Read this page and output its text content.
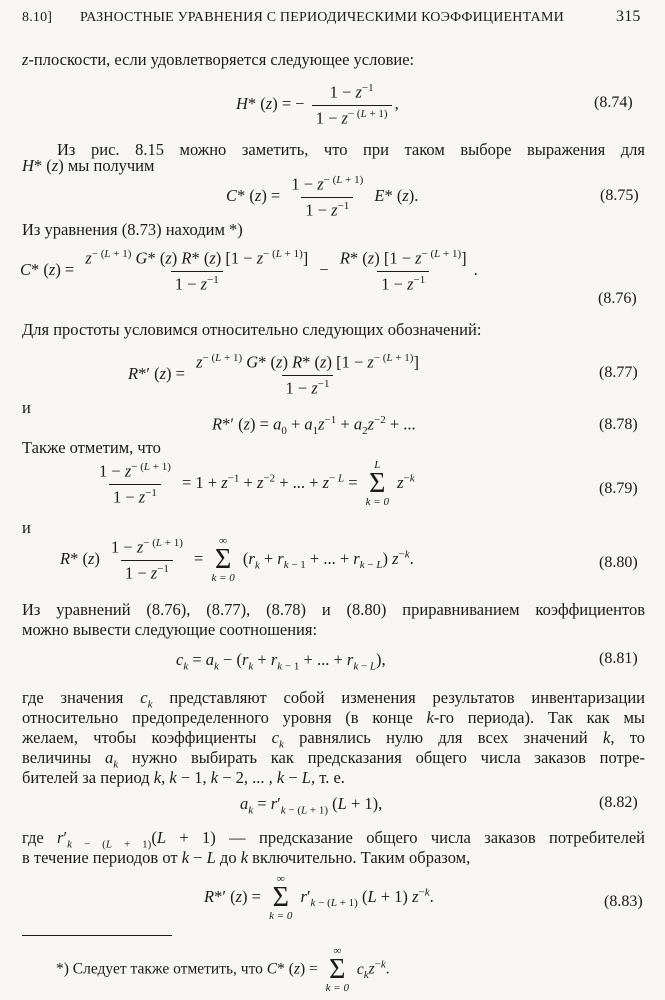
8.10] РАЗНОСТНЫЕ УРАВНЕНИЯ С ПЕРИОДИЧЕСКИМИ КОЭФФИЦИЕНТАМИ	315
z-плоскости, если удовлетворяется следующее условие:
H* (z) = − $\frac{1 - z^{-1}}{1 - z^{- (L + 1)}}$ ,	(8.74)
Из рис. 8.15 можно заметить, что при таком выборе выражения для
H* (z) мы получим
C* $(z) = \frac{1 - z^{- (L + 1)}}{1 - z^{-1}} E*$ (z).	(8.75)
Из уравнения (8.73) находим *)
C* $(z) = \frac{z^{- (L + 1)} G* (z) R* (z) [1 - z^{- (L + 1)}]}{1 - z^{-1}} - \frac{R* (z) [1 - z^{- (L + 1)}]}{1 - z^{-1}}$ .
(8.76)
Для простоты условимся относительно следующих обозначений:
R*′ $(z) = \frac{z^{- (L + 1)} G* (z) R* (z) [1 - z^{- (L + 1)}]}{1 - z^{-1}}$	(8.77)
и
R*′ $(z) = a_0 + a_1z^{-1} + a_2z^{-2}$ + ...	(8.78)
Также отметим, что
$\frac{1 - z^{- (L + 1)}}{1 - z^{-1}} = 1 + z^{-1} + z^{-2}$ + ... + $z^{- L}$ =
L
Σ
k = 0
$z^{-k}$
(8.79)
и
R* $(z) \frac{1 - z^{- (L + 1)}}{1 - z^{-1}}$ =
∞
Σ
k = 0
($r_k + r_{k - 1}$ + ... + $r_{k - L}$) $z^{-k}$.	(8.80)
Из уравнений (8.76), (8.77), (8.78) и (8.80) приравниванием коэффициентов
можно вывести следующие соотношения:
$c_k = a_k - (r_k + r_{k - 1}$ + ... + $r_{k - L}$),	(8.81)
где значения $c_k$ представляют собой изменения результатов инвентаризации
относительно предопределенного уровня (в конце k-го периода). Так как мы
желаем, чтобы коэффициенты $c_k$ равнялись нулю для всех значений k, то
величины $a_k$ нужно выбирать как предсказания общего числа заказов потре-
бителей за период k, k − 1, k − 2, ... , k − L, т. е.
$a_k = r'_{k - (L + 1)}$ (L + 1),	(8.82)
где $r'_{k - (L + 1)}(L + 1)$ — предсказание общего числа заказов потребителей
в течение периодов от k − L до k включительно. Таким образом,
R*′ (z) =
∞
Σ
k = 0
$r'_{k - (L + 1)}$ (L + 1) $z^{-k}$.	(8.83)
*) Следует также отметить, что C* (z) =
∞
Σ
k = 0
$c_kz^{-k}$.
